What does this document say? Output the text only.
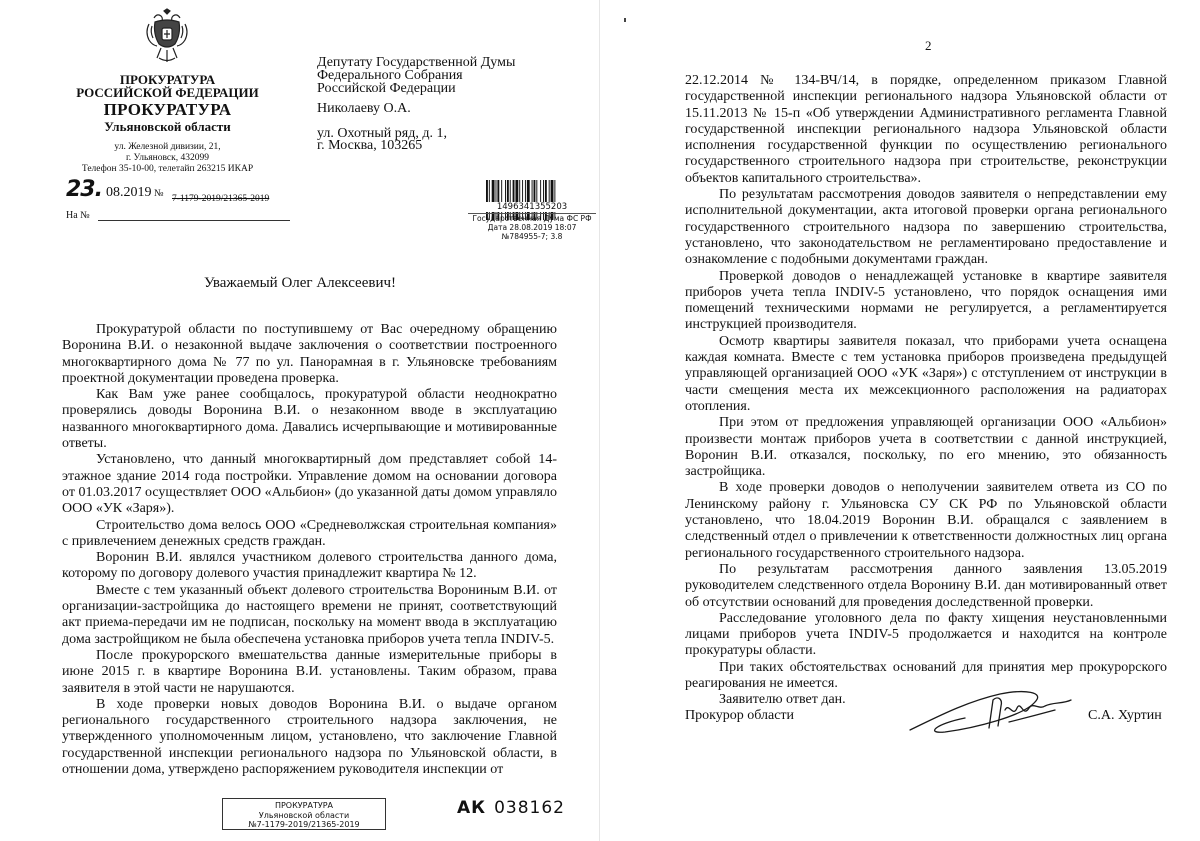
ПРОКУРАТУРА
РОССИЙСКОЙ ФЕДЕРАЦИИ
ПРОКУРАТУРА
Ульяновской области
ул. Железной дивизии, 21,
г. Ульяновск, 432099
Телефон 35-10-00, телетайп 263215 ИКАР
23. 08.2019 № 7-1179-2019/21365-2019
На №
Депутату Государственной Думы
Федерального Собрания
Российской Федерации
Николаеву О.А.
ул. Охотный ряд, д. 1,
г. Москва, 103265
1496341355203
Государственная Дума ФС РФ
Дата 28.08.2019 18:07
№784955-7; 3.8
Уважаемый Олег Алексеевич!

Прокуратурой области по поступившему от Вас очередному обращению Воронина В.И. о незаконной выдаче заключения о соответствии построенного многоквартирного дома № 77 по ул. Панорамная в г. Ульяновске требованиям проектной документации проведена проверка.

Как Вам уже ранее сообщалось, прокуратурой области неоднократно проверялись доводы Воронина В.И. о незаконном вводе в эксплуатацию названного многоквартирного дома. Давались исчерпывающие и мотивированные ответы.

Установлено, что данный многоквартирный дом представляет собой 14-этажное здание 2014 года постройки. Управление домом на основании договора от 01.03.2017 осуществляет ООО «Альбион» (до указанной даты домом управляло ООО «УК «Заря»).

Строительство дома велось ООО «Средневолжская строительная компания» с привлечением денежных средств граждан.

Воронин В.И. являлся участником долевого строительства данного дома, которому по договору долевого участия принадлежит квартира № 12.

Вместе с тем указанный объект долевого строительства Ворониным В.И. от организации-застройщика до настоящего времени не принят, соответствующий акт приема-передачи им не подписан, поскольку на момент ввода в эксплуатацию дома застройщиком не была обеспечена установка приборов учета тепла INDIV-5.

После прокурорского вмешательства данные измерительные приборы в июне 2015 г. в квартире Воронина В.И. установлены. Таким образом, права заявителя в этой части не нарушаются.

В ходе проверки новых доводов Воронина В.И. о выдаче органом регионального государственного строительного надзора заключения, не утвержденного уполномоченным лицом, установлено, что заключение Главной государственной инспекции регионального надзора по Ульяновской области, в отношении дома, утверждено распоряжением руководителя инспекции от

ПРОКУРАТУРА
Ульяновской области
№7-1179-2019/21365-2019
АК 038162
2

22.12.2014 № 134-ВЧ/14, в порядке, определенном приказом Главной государственной инспекции регионального надзора Ульяновской области от 15.11.2013 № 15-п «Об утверждении Административного регламента Главной государственной инспекции регионального надзора Ульяновской области исполнения государственной функции по осуществлению регионального государственного строительного надзора при строительстве, реконструкции объектов капитального строительства».

По результатам рассмотрения доводов заявителя о непредставлении ему исполнительной документации, акта итоговой проверки органа регионального государственного строительного надзора по завершению строительства, установлено, что законодательством не регламентировано предоставление и ознакомление с подобными документами граждан.

Проверкой доводов о ненадлежащей установке в квартире заявителя приборов учета тепла INDIV-5 установлено, что порядок оснащения ими помещений техническими нормами не регулируется, а регламентируется инструкцией производителя.

Осмотр квартиры заявителя показал, что приборами учета оснащена каждая комната. Вместе с тем установка приборов произведена предыдущей управляющей организацией ООО «УК «Заря») с отступлением от инструкции в части смещения места их межсекционного расположения на радиаторах отопления.

При этом от предложения управляющей организации ООО «Альбион» произвести монтаж приборов учета в соответствии с данной инструкцией, Воронин В.И. отказался, поскольку, по его мнению, это обязанность застройщика.

В ходе проверки доводов о неполучении заявителем ответа из СО по Ленинскому району г. Ульяновска СУ СК РФ по Ульяновской области установлено, что 18.04.2019 Воронин В.И. обращался с заявлением в следственный отдел о привлечении к ответственности должностных лиц органа регионального государственного строительного надзора.

По результатам рассмотрения данного заявления 13.05.2019 руководителем следственного отдела Воронину В.И. дан мотивированный ответ об отсутствии оснований для проведения доследственной проверки.

Расследование уголовного дела по факту хищения неустановленными лицами приборов учета INDIV-5 продолжается и находится на контроле прокуратуры области.

При таких обстоятельствах оснований для принятия мер прокурорского реагирования не имеется.

Заявителю ответ дан.

Прокурор области	С.А. Хуртин
